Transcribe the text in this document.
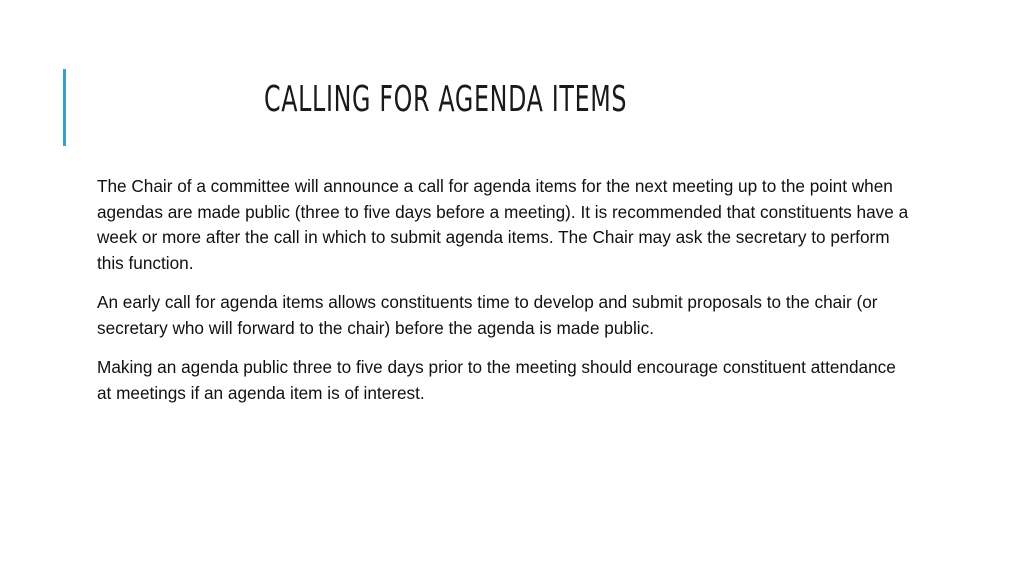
CALLING FOR AGENDA ITEMS

The Chair of a committee will announce a call for agenda items for the next meeting up to the point when agendas are made public (three to five days before a meeting). It is recommended that constituents have a week or more after the call in which to submit agenda items. The Chair may ask the secretary to perform this function.

An early call for agenda items allows constituents time to develop and submit proposals to the chair (or secretary who will forward to the chair) before the agenda is made public.

Making an agenda public three to five days prior to the meeting should encourage constituent attendance at meetings if an agenda item is of interest.
